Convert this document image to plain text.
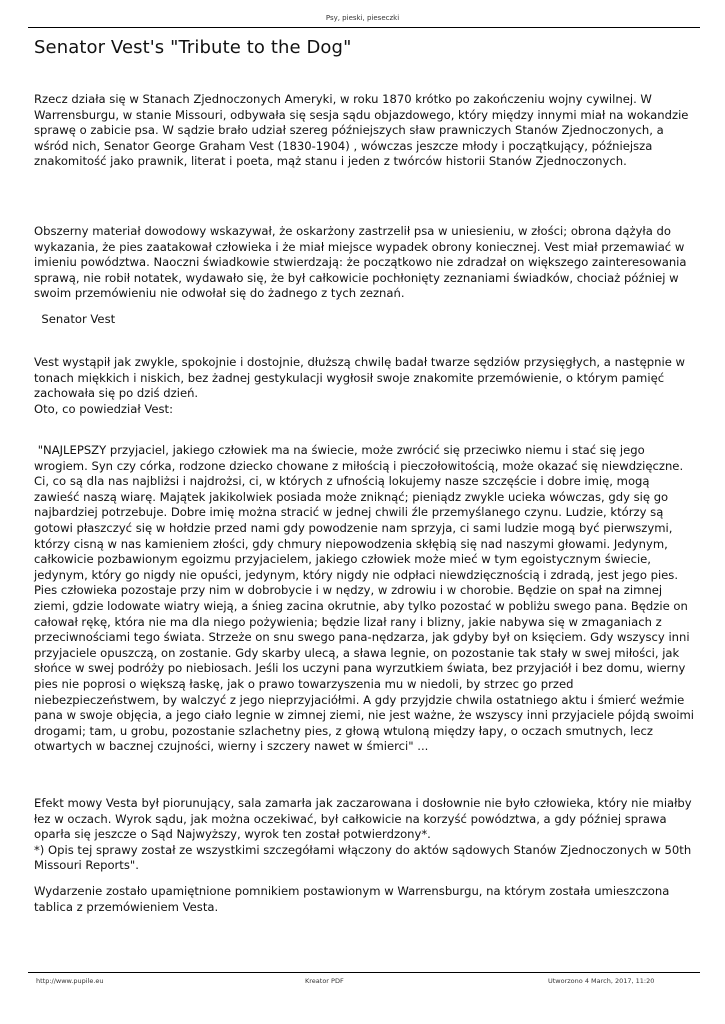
Psy, pieski, pieseczki
Senator Vest's "Tribute to the Dog"

Rzecz działa się w Stanach Zjednoczonych Ameryki, w roku 1870 krótko po zakończeniu wojny cywilnej. W Warrensburgu, w stanie Missouri, odbywała się sesja sądu objazdowego, który między innymi miał na wokandzie sprawę o zabicie psa. W sądzie brało udział szereg późniejszych sław prawniczych Stanów Zjednoczonych, a wśród nich, Senator George Graham Vest (1830-1904) , wówczas jeszcze młody i początkujący, późniejsza znakomitość jako prawnik, literat i poeta, mąż stanu i jeden z twórców historii Stanów Zjednoczonych.

Obszerny materiał dowodowy wskazywał, że oskarżony zastrzelił psa w uniesieniu, w złości; obrona dążyła do wykazania, że pies zaatakował człowieka i że miał miejsce wypadek obrony koniecznej. Vest miał przemawiać w imieniu powództwa. Naoczni świadkowie stwierdzają: że początkowo nie zdradzał on większego zainteresowania sprawą, nie robił notatek, wydawało się, że był całkowicie pochłonięty zeznaniami świadków, chociaż później w swoim przemówieniu nie odwołał się do żadnego z tych zeznań.

Senator Vest

Vest wystąpił jak zwykle, spokojnie i dostojnie, dłuższą chwilę badał twarze sędziów przysięgłych, a następnie w tonach miękkich i niskich, bez żadnej gestykulacji wygłosił swoje znakomite przemówienie, o którym pamięć zachowała się po dziś dzień.
Oto, co powiedział Vest:

"NAJLEPSZY przyjaciel, jakiego człowiek ma na świecie, może zwrócić się przeciwko niemu i stać się jego wrogiem. Syn czy córka, rodzone dziecko chowane z miłością i pieczołowitością, może okazać się niewdzięczne. Ci, co są dla nas najbliżsi i najdrożsi, ci, w których z ufnością lokujemy nasze szczęście i dobre imię, mogą zawieść naszą wiarę. Majątek jakikolwiek posiada może zniknąć; pieniądz zwykle ucieka wówczas, gdy się go najbardziej potrzebuje. Dobre imię można stracić w jednej chwili źle przemyślanego czynu. Ludzie, którzy są gotowi płaszczyć się w hołdzie przed nami gdy powodzenie nam sprzyja, ci sami ludzie mogą być pierwszymi, którzy cisną w nas kamieniem złości, gdy chmury niepowodzenia skłębią się nad naszymi głowami. Jedynym, całkowicie pozbawionym egoizmu przyjacielem, jakiego człowiek może mieć w tym egoistycznym świecie, jedynym, który go nigdy nie opuści, jedynym, który nigdy nie odpłaci niewdzięcznością i zdradą, jest jego pies. Pies człowieka pozostaje przy nim w dobrobycie i w nędzy, w zdrowiu i w chorobie. Będzie on spał na zimnej ziemi, gdzie lodowate wiatry wieją, a śnieg zacina okrutnie, aby tylko pozostać w pobliżu swego pana. Będzie on całował rękę, która nie ma dla niego pożywienia; będzie lizał rany i blizny, jakie nabywa się w zmaganiach z przeciwnościami tego świata. Strzeże on snu swego pana-nędzarza, jak gdyby był on księciem. Gdy wszyscy inni przyjaciele opuszczą, on zostanie. Gdy skarby ulecą, a sława legnie, on pozostanie tak stały w swej miłości, jak słońce w swej podróży po niebiosach. Jeśli los uczyni pana wyrzutkiem świata, bez przyjaciół i bez domu, wierny pies nie poprosi o większą łaskę, jak o prawo towarzyszenia mu w niedoli, by strzec go przed niebezpieczeństwem, by walczyć z jego nieprzyjaciółmi. A gdy przyjdzie chwila ostatniego aktu i śmierć weźmie pana w swoje objęcia, a jego ciało legnie w zimnej ziemi, nie jest ważne, że wszyscy inni przyjaciele pójdą swoimi drogami; tam, u grobu, pozostanie szlachetny pies, z głową wtuloną między łapy, o oczach smutnych, lecz otwartych w bacznej czujności, wierny i szczery nawet w śmierci" ...

Efekt mowy Vesta był piorunujący, sala zamarła jak zaczarowana i dosłownie nie było człowieka, który nie miałby łez w oczach. Wyrok sądu, jak można oczekiwać, był całkowicie na korzyść powództwa, a gdy później sprawa oparła się jeszcze o Sąd Najwyższy, wyrok ten został potwierdzony*.
*) Opis tej sprawy został ze wszystkimi szczegółami włączony do aktów sądowych Stanów Zjednoczonych w 50th Missouri Reports".

Wydarzenie zostało upamiętnione pomnikiem postawionym w Warrensburgu, na którym została umieszczona tablica z przemówieniem Vesta.

http://www.pupile.eu	Kreator PDF	Utworzono 4 March, 2017, 11:20
